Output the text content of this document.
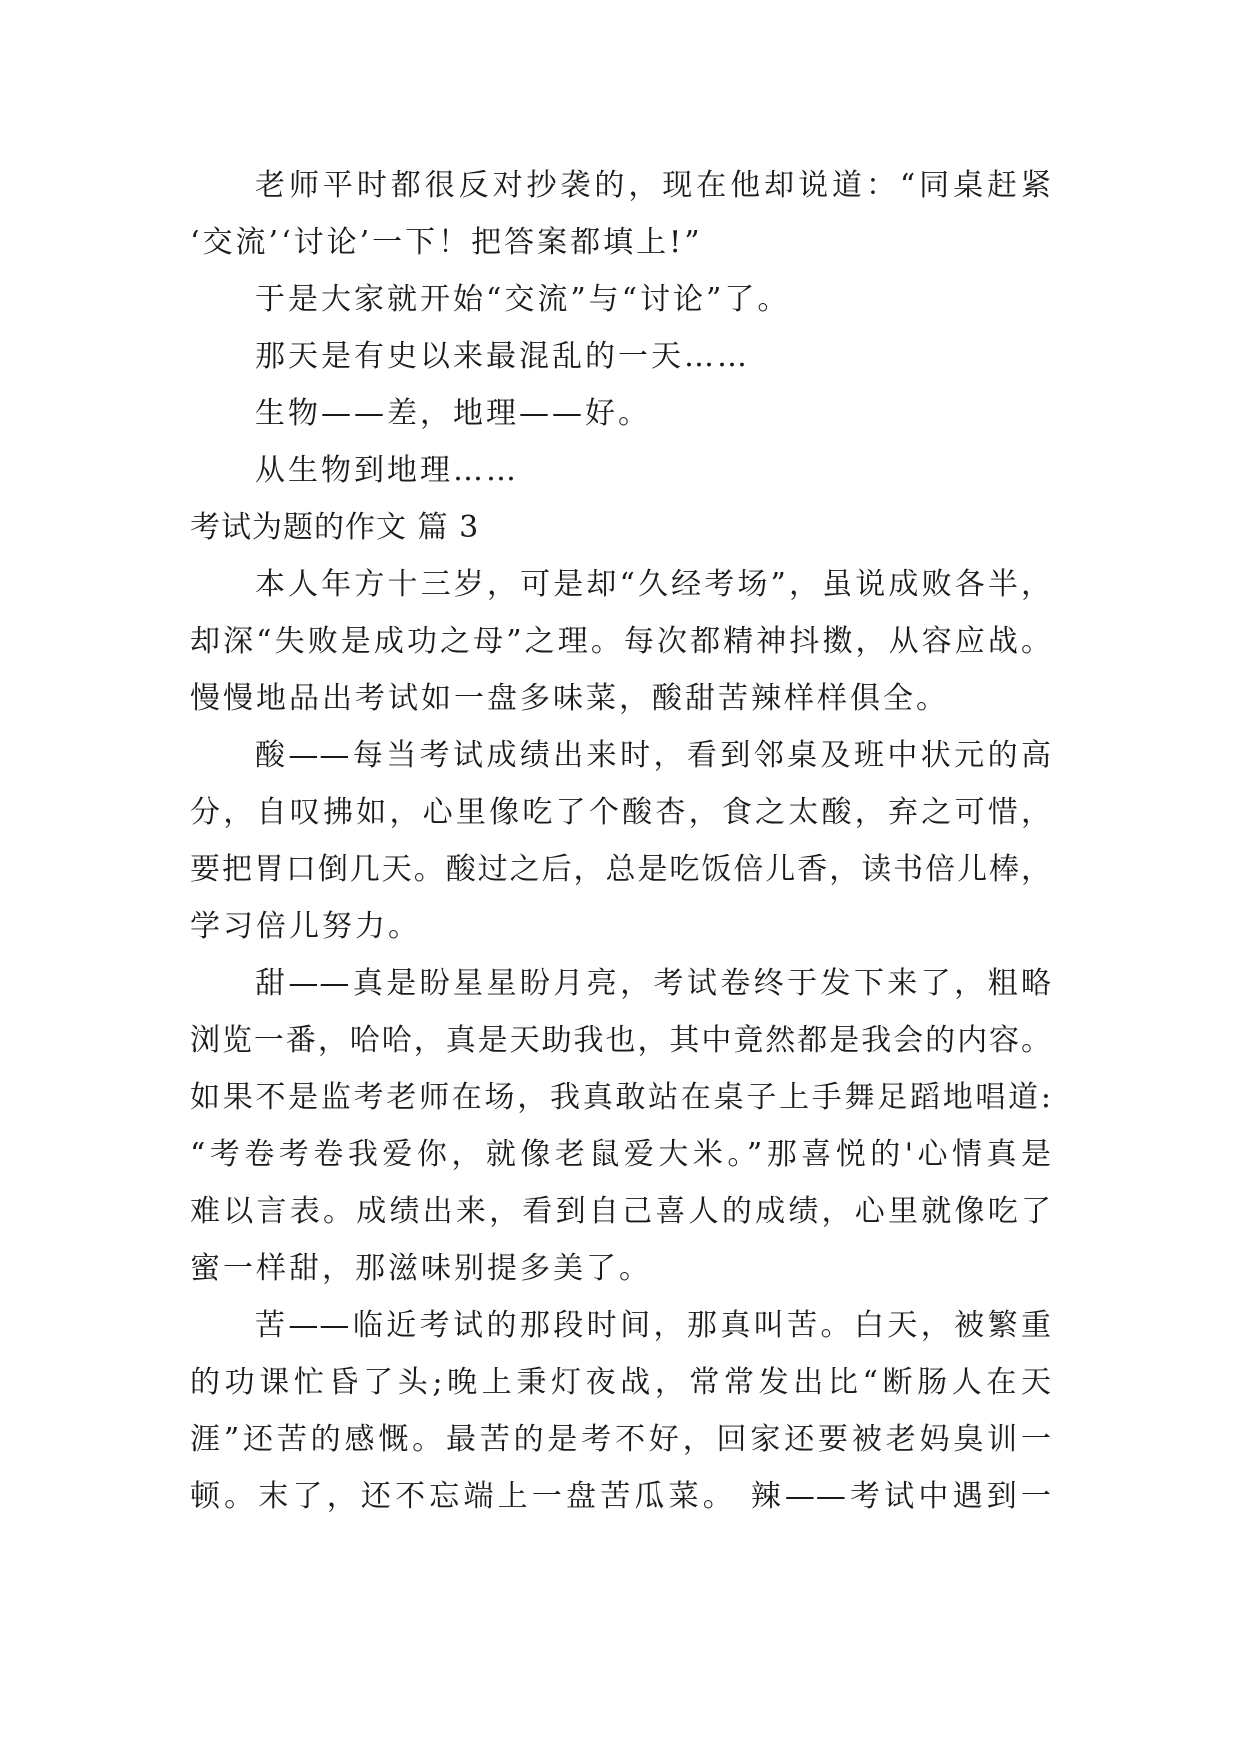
老师平时都很反对抄袭的，现在他却说道：“同桌赶紧
‘交流’‘讨论’一下！把答案都填上!”
于是大家就开始“交流”与“讨论”了。
那天是有史以来最混乱的一天……
生物——差，地理——好。
从生物到地理……
考试为题的作文 篇 3
本人年方十三岁，可是却“久经考场”，虽说成败各半，
却深“失败是成功之母”之理。每次都精神抖擞，从容应战。
慢慢地品出考试如一盘多味菜，酸甜苦辣样样俱全。
酸——每当考试成绩出来时，看到邻桌及班中状元的高
分，自叹拂如，心里像吃了个酸杏，食之太酸，弃之可惜，
要把胃口倒几天。酸过之后，总是吃饭倍儿香，读书倍儿棒，
学习倍儿努力。
甜——真是盼星星盼月亮，考试卷终于发下来了，粗略
浏览一番，哈哈，真是天助我也，其中竟然都是我会的内容。
如果不是监考老师在场，我真敢站在桌子上手舞足蹈地唱道:
“考卷考卷我爱你，就像老鼠爱大米。”那喜悦的'心情真是
难以言表。成绩出来，看到自己喜人的成绩，心里就像吃了
蜜一样甜，那滋味别提多美了。
苦——临近考试的那段时间，那真叫苦。白天，被繁重
的功课忙昏了头;晚上秉灯夜战，常常发出比“断肠人在天
涯”还苦的感慨。最苦的是考不好，回家还要被老妈臭训一
顿。末了，还不忘端上一盘苦瓜菜。 辣——考试中遇到一
